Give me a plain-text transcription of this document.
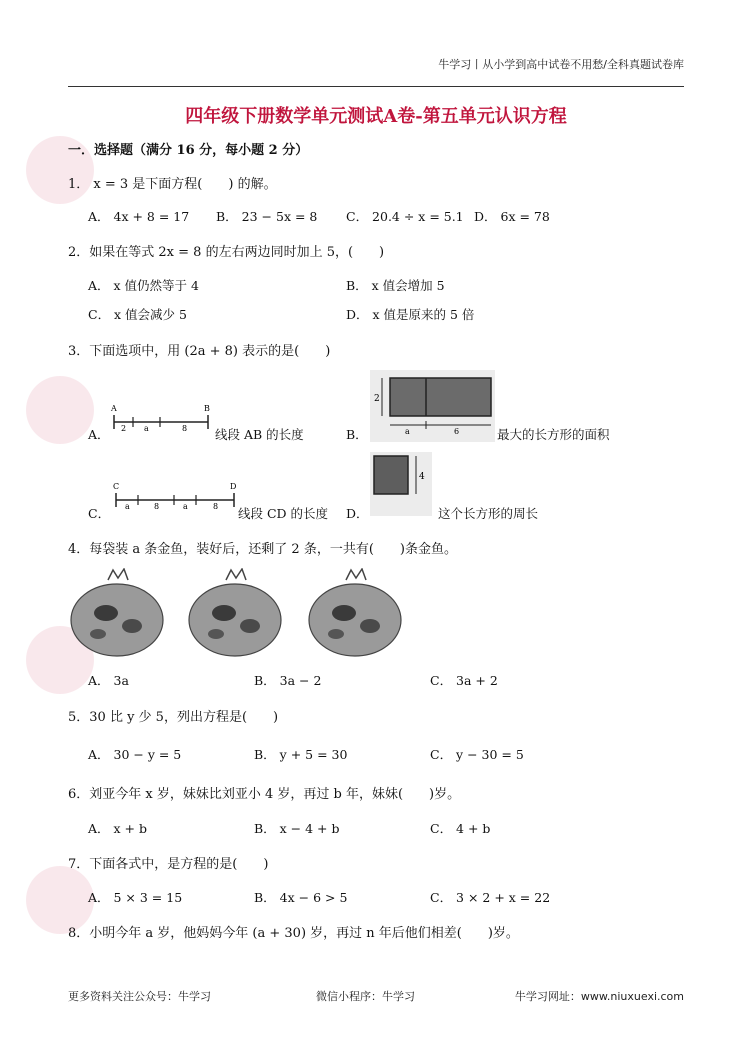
牛学习丨从小学到高中试卷不用愁/全科真题试卷库
四年级下册数学单元测试A卷-第五单元认识方程
一．选择题（满分 16 分，每小题 2 分）
1． x = 3 是下面方程(　　) 的解。
A． 4x + 8 = 17 B． 23 − 5x = 8 C． 20.4 ÷ x = 5.1 D． 6x = 78
2．如果在等式 2x = 8 的左右两边同时加上 5，(　　)
A． x 值仍然等于 4	B． x 值会增加 5
C． x 值会减少 5	D． x 值是原来的 5 倍
3．下面选项中，用 (2a + 8) 表示的是(　　)
A．
A	B
2 a	8 线段 AB 的长度	B．
2
a	6	最大的长方形的面积
C．
C	D
a	8	a	8 线段 CD 的长度 D．
4
这个长方形的周长
4．每袋装 a 条金鱼，装好后，还剩了 2 条，一共有(　　)条金鱼。
A． 3a	B． 3a − 2	C． 3a + 2
5．30 比 y 少 5，列出方程是(　　)
A． 30 − y = 5	B． y + 5 = 30	C． y − 30 = 5
6．刘亚今年 x 岁，妹妹比刘亚小 4 岁，再过 b 年，妹妹(　　)岁。
A． x + b	B． x − 4 + b	C． 4 + b
7．下面各式中，是方程的是(　　)
A． 5 × 3 = 15	B． 4x − 6 > 5	C． 3 × 2 + x = 22
8．小明今年 a 岁，他妈妈今年 (a + 30) 岁，再过 n 年后他们相差(　　)岁。
更多资料关注公众号：牛学习	微信小程序：牛学习	牛学习网址：www.niuxuexi.com
